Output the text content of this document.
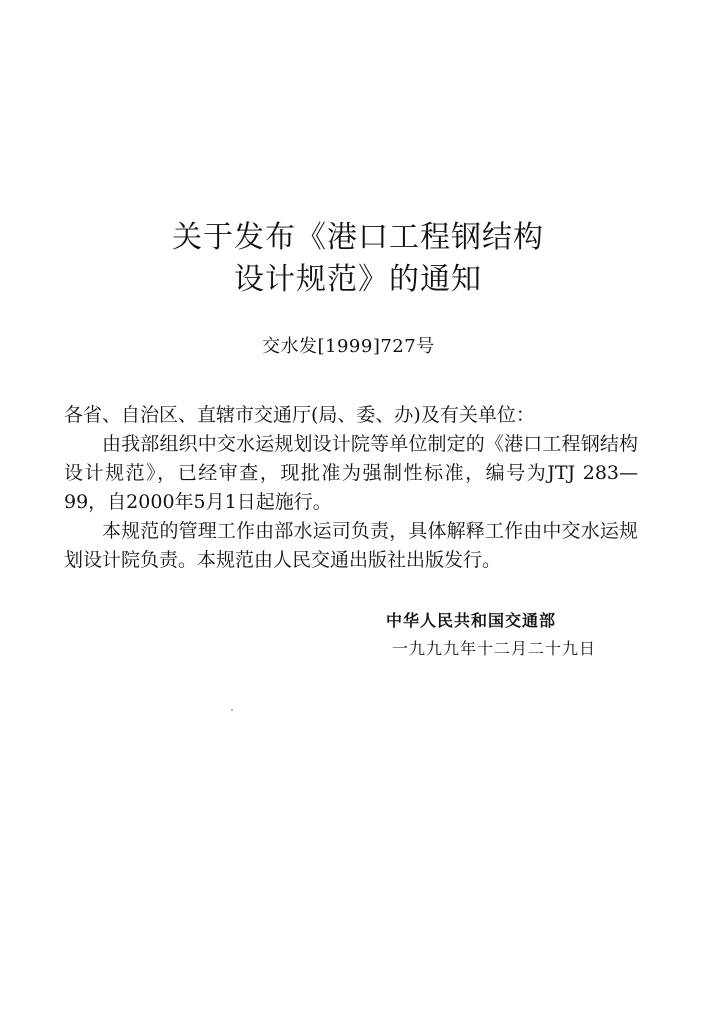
关于发布《港口工程钢结构
设计规范》的通知
交水发[1999]727号
各省、自治区、直辖市交通厅(局、委、办)及有关单位：
由我部组织中交水运规划设计院等单位制定的《港口工程钢结构设计规范》，已经审查，现批准为强制性标准，编号为JTJ 283—99，自2000年5月1日起施行。
本规范的管理工作由部水运司负责，具体解释工作由中交水运规划设计院负责。本规范由人民交通出版社出版发行。
中华人民共和国交通部
一九九九年十二月二十九日
